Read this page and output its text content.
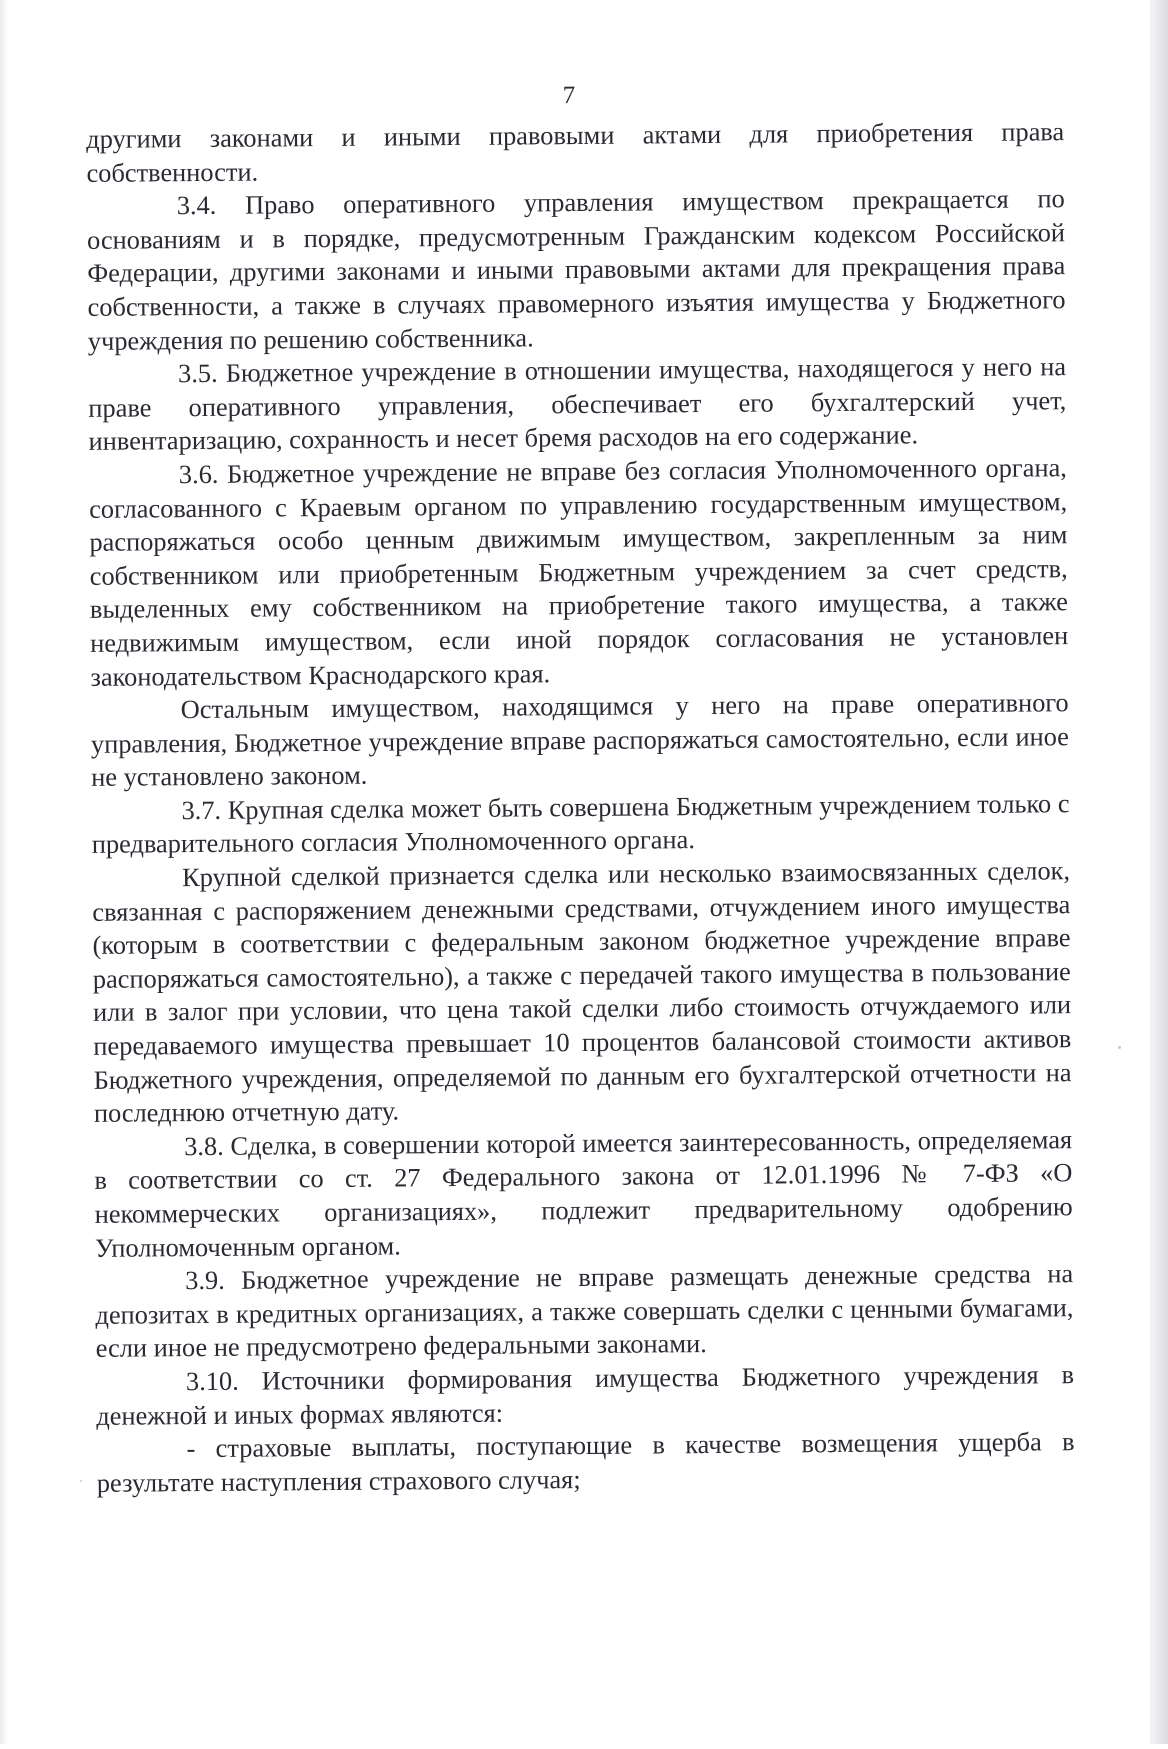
7

другими законами и иными правовыми актами для приобретения права собственности.

3.4. Право оперативного управления имуществом прекращается по основаниям и в порядке, предусмотренным Гражданским кодексом Российской Федерации, другими законами и иными правовыми актами для прекращения права собственности, а также в случаях правомерного изъятия имущества у Бюджетного учреждения по решению собственника.

3.5. Бюджетное учреждение в отношении имущества, находящегося у него на праве оперативного управления, обеспечивает его бухгалтерский учет, инвентаризацию, сохранность и несет бремя расходов на его содержание.

3.6. Бюджетное учреждение не вправе без согласия Уполномоченного органа, согласованного с Краевым органом по управлению государственным имуществом, распоряжаться особо ценным движимым имуществом, закрепленным за ним собственником или приобретенным Бюджетным учреждением за счет средств, выделенных ему собственником на приобретение такого имущества, а также недвижимым имуществом, если иной порядок согласования не установлен законодательством Краснодарского края.

Остальным имуществом, находящимся у него на праве оперативного управления, Бюджетное учреждение вправе распоряжаться самостоятельно, если иное не установлено законом.

3.7. Крупная сделка может быть совершена Бюджетным учреждением только с предварительного согласия Уполномоченного органа.

Крупной сделкой признается сделка или несколько взаимосвязанных сделок, связанная с распоряжением денежными средствами, отчуждением иного имущества (которым в соответствии с федеральным законом бюджетное учреждение вправе распоряжаться самостоятельно), а также с передачей такого имущества в пользование или в залог при условии, что цена такой сделки либо стоимость отчуждаемого или передаваемого имущества превышает 10 процентов балансовой стоимости активов Бюджетного учреждения, определяемой по данным его бухгалтерской отчетности на последнюю отчетную дату.

3.8. Сделка, в совершении которой имеется заинтересованность, определяемая в соответствии со ст. 27 Федерального закона от 12.01.1996 № 7-ФЗ «О некоммерческих организациях», подлежит предварительному одобрению Уполномоченным органом.

3.9. Бюджетное учреждение не вправе размещать денежные средства на депозитах в кредитных организациях, а также совершать сделки с ценными бумагами, если иное не предусмотрено федеральными законами.

3.10. Источники формирования имущества Бюджетного учреждения в денежной и иных формах являются:

- страховые выплаты, поступающие в качестве возмещения ущерба в результате наступления страхового случая;
